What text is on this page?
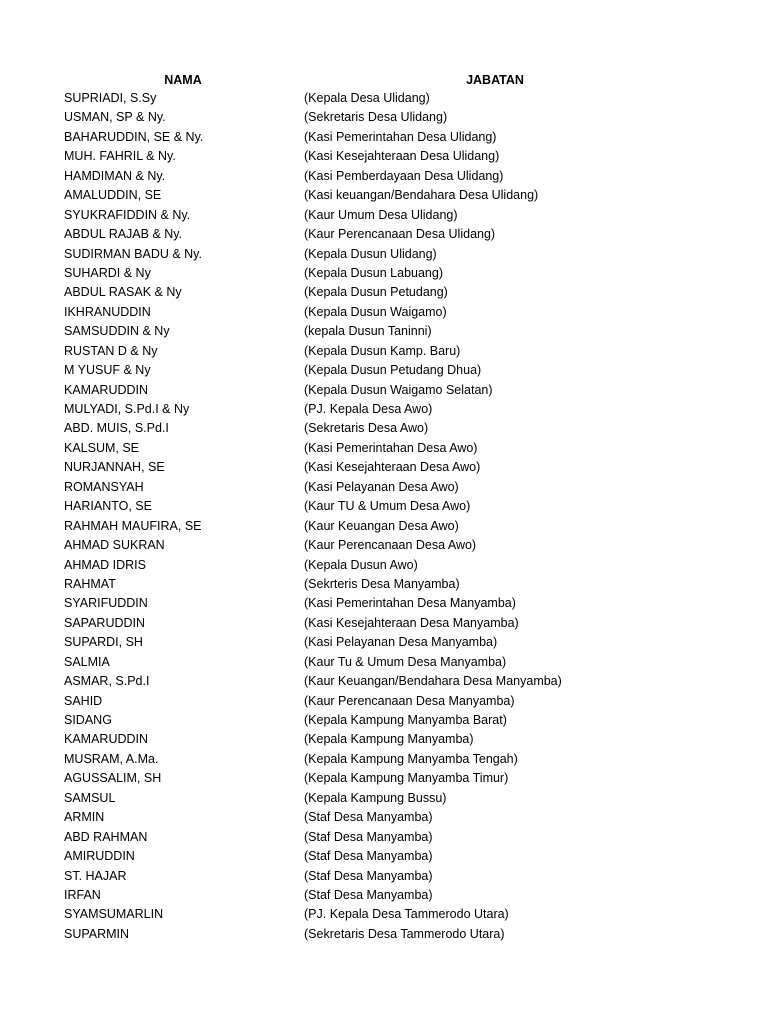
NAMA	JABATAN
SUPRIADI, S.Sy	(Kepala Desa Ulidang)
USMAN, SP & Ny.	(Sekretaris Desa Ulidang)
BAHARUDDIN, SE & Ny.	(Kasi Pemerintahan Desa Ulidang)
MUH. FAHRIL & Ny.	(Kasi Kesejahteraan Desa Ulidang)
HAMDIMAN & Ny.	(Kasi Pemberdayaan Desa Ulidang)
AMALUDDIN, SE	(Kasi keuangan/Bendahara Desa Ulidang)
SYUKRAFIDDIN & Ny.	(Kaur Umum Desa Ulidang)
ABDUL RAJAB & Ny.	(Kaur Perencanaan Desa Ulidang)
SUDIRMAN BADU & Ny.	(Kepala Dusun Ulidang)
SUHARDI & Ny	(Kepala Dusun Labuang)
ABDUL RASAK & Ny	(Kepala Dusun Petudang)
IKHRANUDDIN	(Kepala Dusun Waigamo)
SAMSUDDIN & Ny	(kepala Dusun Taninni)
RUSTAN D & Ny	(Kepala Dusun Kamp. Baru)
M YUSUF & Ny	(Kepala Dusun Petudang Dhua)
KAMARUDDIN	(Kepala Dusun Waigamo Selatan)
MULYADI, S.Pd.I & Ny	(PJ. Kepala Desa Awo)
ABD. MUIS, S.Pd.I	(Sekretaris Desa Awo)
KALSUM, SE	(Kasi Pemerintahan Desa Awo)
NURJANNAH, SE	(Kasi Kesejahteraan Desa Awo)
ROMANSYAH	(Kasi Pelayanan Desa Awo)
HARIANTO, SE	(Kaur TU & Umum Desa Awo)
RAHMAH MAUFIRA, SE	(Kaur Keuangan Desa Awo)
AHMAD SUKRAN	(Kaur Perencanaan Desa Awo)
AHMAD IDRIS	(Kepala Dusun Awo)
RAHMAT	(Sekrteris Desa Manyamba)
SYARIFUDDIN	(Kasi Pemerintahan Desa Manyamba)
SAPARUDDIN	(Kasi Kesejahteraan Desa Manyamba)
SUPARDI, SH	(Kasi Pelayanan Desa Manyamba)
SALMIA	(Kaur Tu & Umum Desa Manyamba)
ASMAR, S.Pd.I	(Kaur Keuangan/Bendahara Desa Manyamba)
SAHID	(Kaur Perencanaan Desa Manyamba)
SIDANG	(Kepala Kampung Manyamba Barat)
KAMARUDDIN	(Kepala Kampung Manyamba)
MUSRAM, A.Ma.	(Kepala Kampung Manyamba Tengah)
AGUSSALIM, SH	(Kepala Kampung Manyamba Timur)
SAMSUL	(Kepala Kampung Bussu)
ARMIN	(Staf Desa Manyamba)
ABD RAHMAN	(Staf Desa Manyamba)
AMIRUDDIN	(Staf Desa Manyamba)
ST. HAJAR	(Staf Desa Manyamba)
IRFAN	(Staf Desa Manyamba)
SYAMSUMARLIN	(PJ. Kepala Desa Tammerodo Utara)
SUPARMIN	(Sekretaris Desa Tammerodo Utara)
